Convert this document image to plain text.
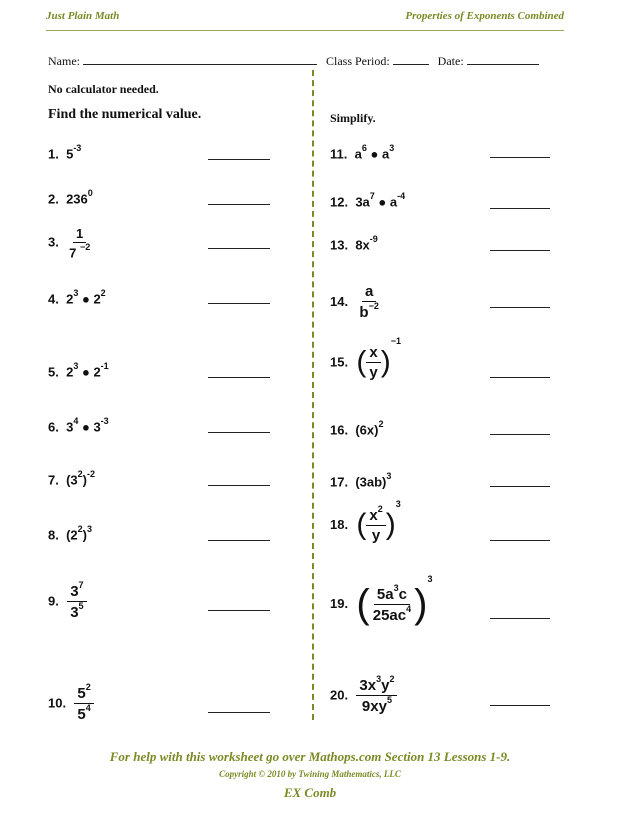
Just Plain Math	Properties of Exponents Combined
Name:	Class Period:	Date:
No calculator needed.
Find the numerical value.	Simplify.
1. $5^{-3}$
2. $236^0$
3. $\frac{1}{7 ^{-2}}$
4. $2^3$ ● $2^2$
5. $2^3$ ● $2^{-1}$
6. $3^4$ ● $3^{-3}$
7. $(3^2)^{-2}$
8. $(2^2)^3$
9. $\frac{3^7}{3^5}$
10. $\frac{5^2}{5^4}$
11. $a^6$ ● $a^3$
12. $3a^7$ ● $a^{-4}$
13. $8x^{-9}$
14. $\frac{a}{b^{-2}}$
15. ( $\frac{x}{y} )^{-1}$
16. $(6x)^2$
17. $(3ab)^3$
18. ( $\frac{x^2}{y} )^3$
19. ( $\frac{5a^3c}{25ac^4} )^3$
20. $\frac{3x^3y^2}{9xy^5}$
For help with this worksheet go over Mathops.com Section 13 Lessons 1-9.
Copyright © 2010 by Twining Mathematics, LLC
EX Comb
